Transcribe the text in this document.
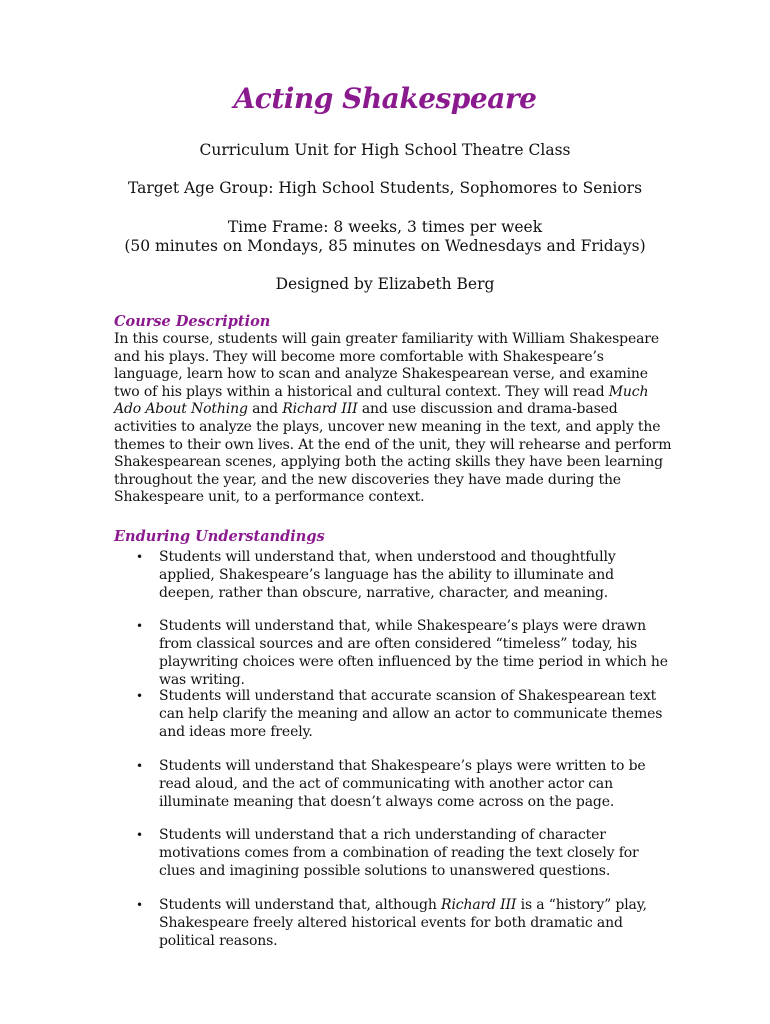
Acting Shakespeare
Curriculum Unit for High School Theatre Class
Target Age Group: High School Students, Sophomores to Seniors
Time Frame: 8 weeks, 3 times per week
(50 minutes on Mondays, 85 minutes on Wednesdays and Fridays)
Designed by Elizabeth Berg
Course Description
In this course, students will gain greater familiarity with William Shakespeare and his plays. They will become more comfortable with Shakespeare’s language, learn how to scan and analyze Shakespearean verse, and examine two of his plays within a historical and cultural context. They will read Much Ado About Nothing and Richard III and use discussion and drama-based activities to analyze the plays, uncover new meaning in the text, and apply the themes to their own lives. At the end of the unit, they will rehearse and perform Shakespearean scenes, applying both the acting skills they have been learning throughout the year, and the new discoveries they have made during the Shakespeare unit, to a performance context.
Enduring Understandings
• Students will understand that, when understood and thoughtfully applied, Shakespeare’s language has the ability to illuminate and deepen, rather than obscure, narrative, character, and meaning.
• Students will understand that, while Shakespeare’s plays were drawn from classical sources and are often considered “timeless” today, his playwriting choices were often influenced by the time period in which he was writing.
• Students will understand that accurate scansion of Shakespearean text can help clarify the meaning and allow an actor to communicate themes and ideas more freely.
• Students will understand that Shakespeare’s plays were written to be read aloud, and the act of communicating with another actor can illuminate meaning that doesn’t always come across on the page.
• Students will understand that a rich understanding of character motivations comes from a combination of reading the text closely for clues and imagining possible solutions to unanswered questions.
• Students will understand that, although Richard III is a “history” play, Shakespeare freely altered historical events for both dramatic and political reasons.
